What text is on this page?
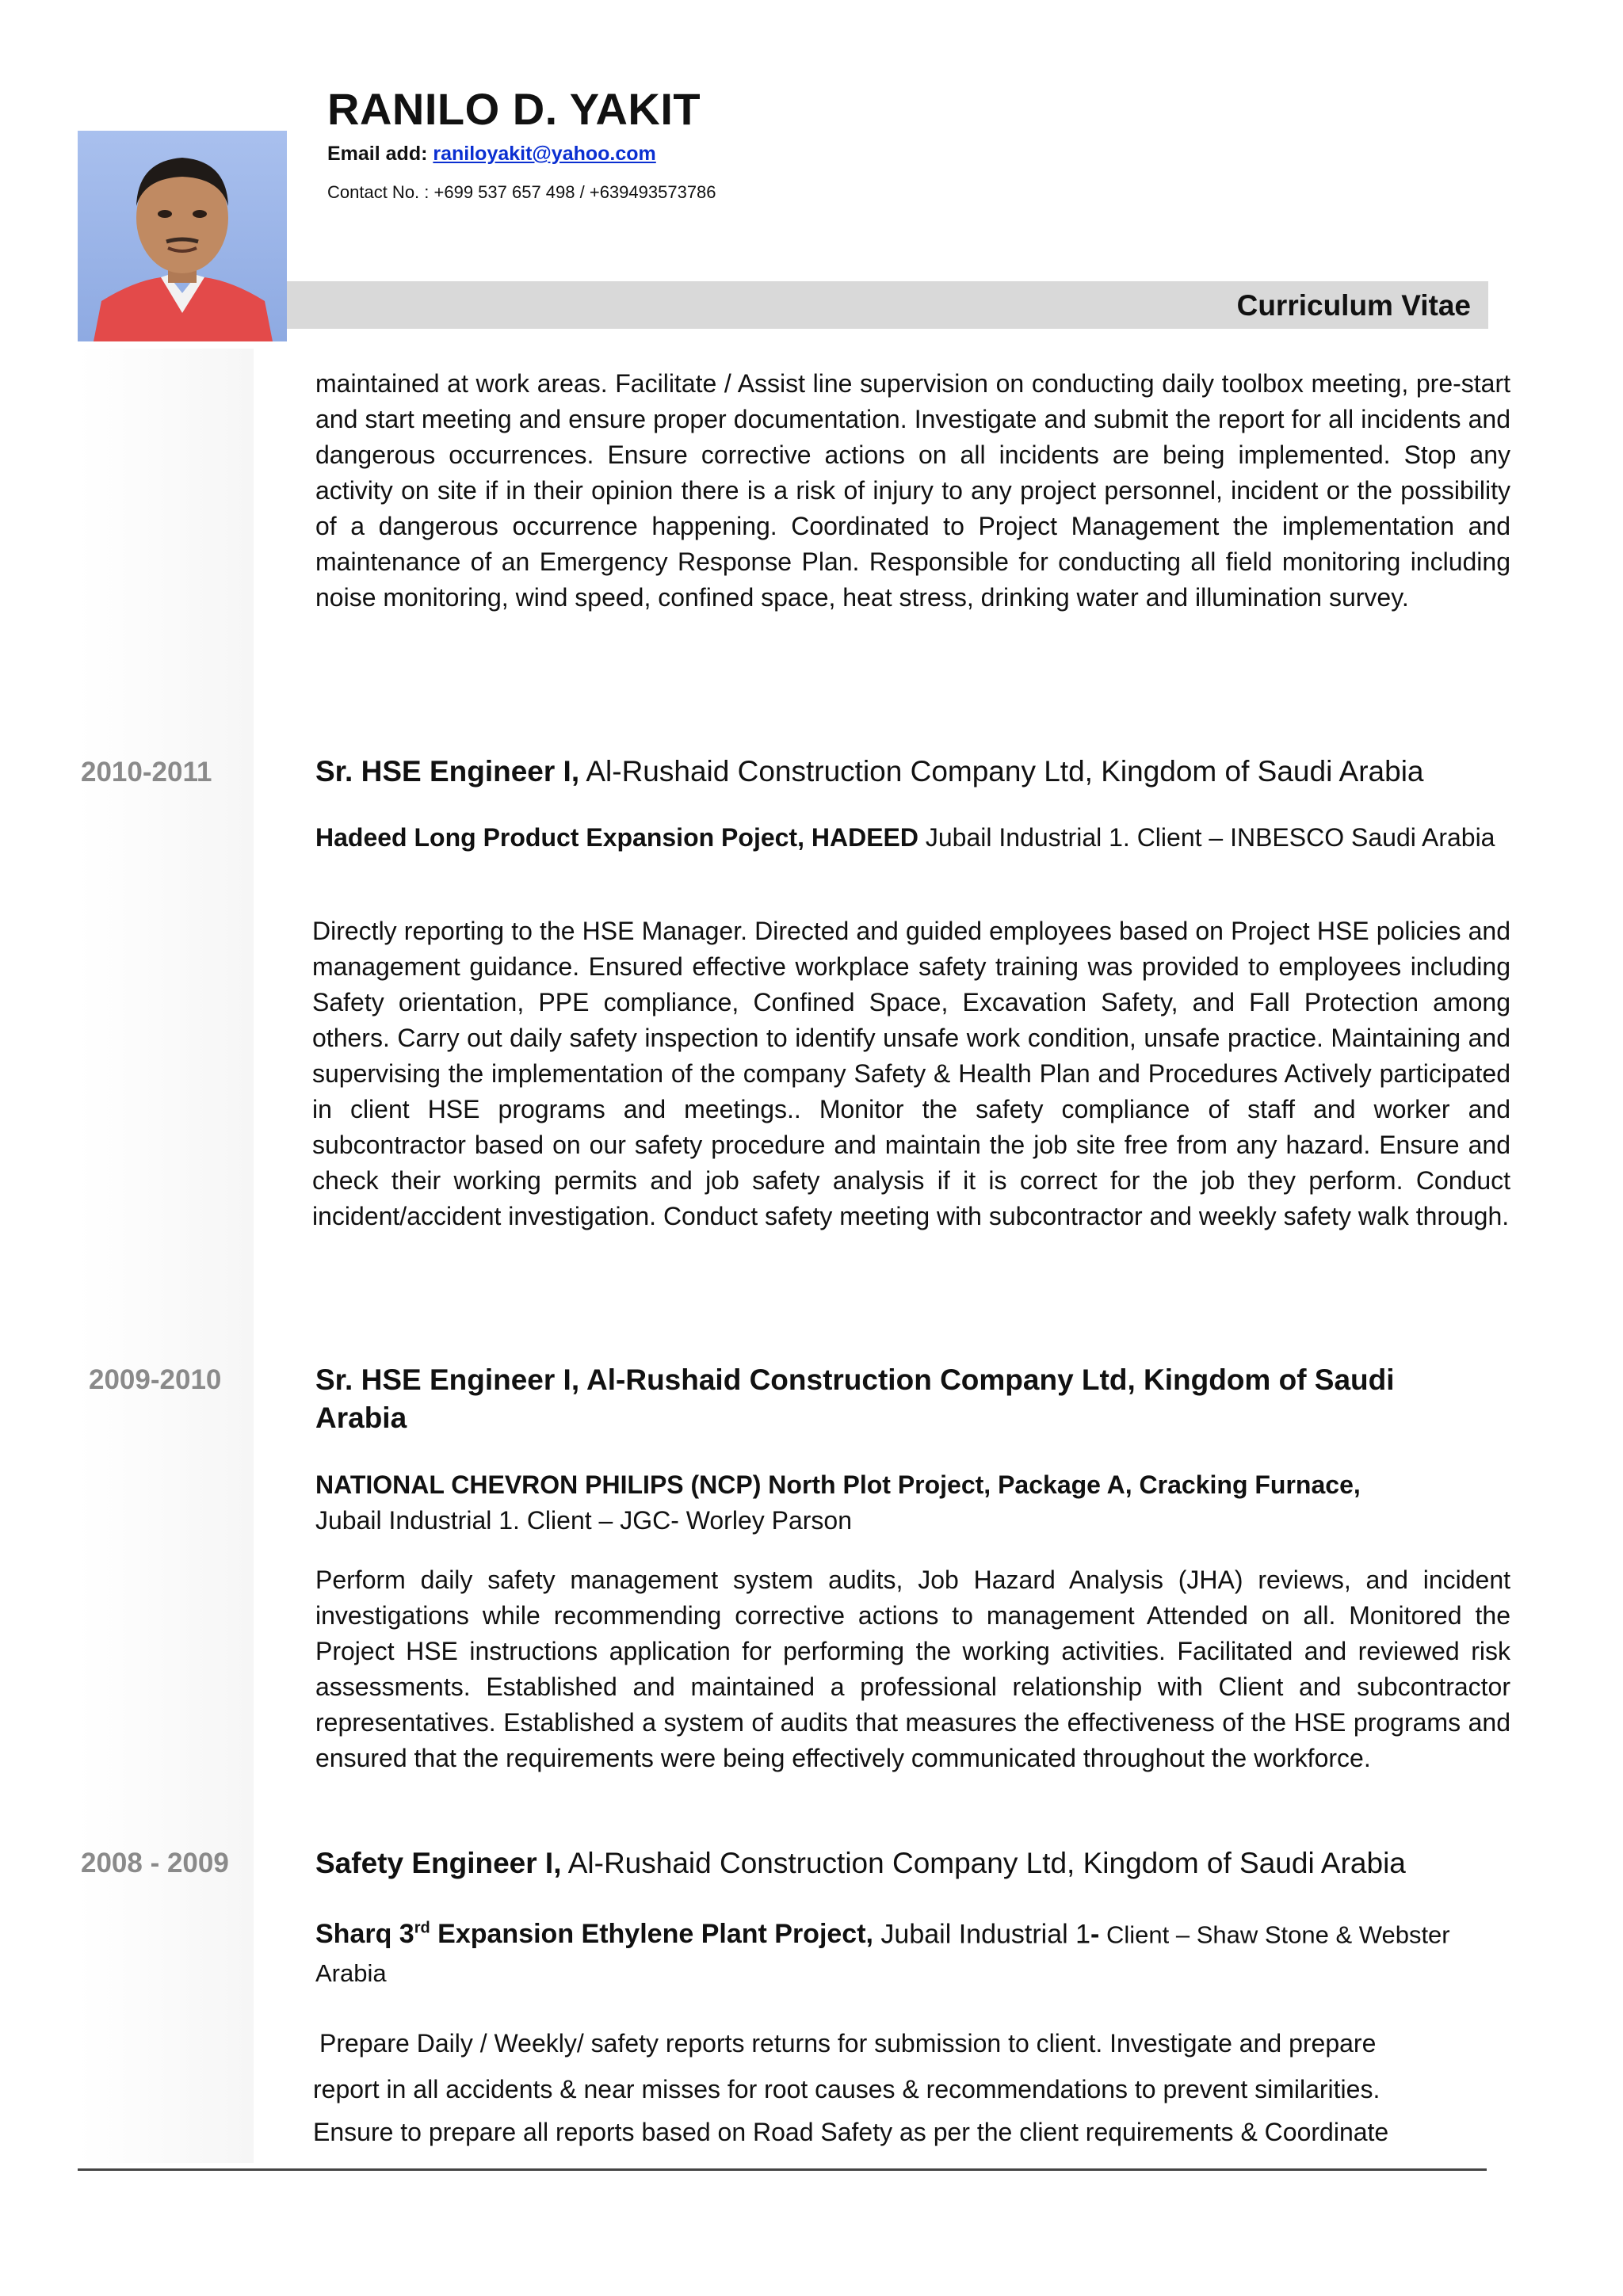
RANILO D. YAKIT
Email add: raniloyakit@yahoo.com
Contact No. : +699 537 657 498 / +639493573786
Curriculum Vitae
maintained at work areas. Facilitate / Assist line supervision on conducting daily toolbox meeting, pre-start and start meeting and ensure proper documentation. Investigate and submit the report for all incidents and dangerous occurrences. Ensure corrective actions on all incidents are being implemented. Stop any activity on site if in their opinion there is a risk of injury to any project personnel, incident or the possibility of a dangerous occurrence happening. Coordinated to Project Management the implementation and maintenance of an Emergency Response Plan. Responsible for conducting all field monitoring including noise monitoring, wind speed, confined space, heat stress, drinking water and illumination survey.
2010-2011	Sr. HSE Engineer I, Al-Rushaid Construction Company Ltd, Kingdom of Saudi Arabia
Hadeed Long Product Expansion Poject, HADEED Jubail Industrial 1. Client – INBESCO Saudi Arabia
Directly reporting to the HSE Manager. Directed and guided employees based on Project HSE policies and management guidance. Ensured effective workplace safety training was provided to employees including Safety orientation, PPE compliance, Confined Space, Excavation Safety, and Fall Protection among others. Carry out daily safety inspection to identify unsafe work condition, unsafe practice. Maintaining and supervising the implementation of the company Safety & Health Plan and Procedures Actively participated in client HSE programs and meetings.. Monitor the safety compliance of staff and worker and subcontractor based on our safety procedure and maintain the job site free from any hazard. Ensure and check their working permits and job safety analysis if it is correct for the job they perform. Conduct incident/accident investigation. Conduct safety meeting with subcontractor and weekly safety walk through.
2009-2010	Sr. HSE Engineer I, Al-Rushaid Construction Company Ltd, Kingdom of Saudi Arabia
NATIONAL CHEVRON PHILIPS (NCP) North Plot Project, Package A, Cracking Furnace,
Jubail Industrial 1. Client – JGC- Worley Parson
Perform daily safety management system audits, Job Hazard Analysis (JHA) reviews, and incident investigations while recommending corrective actions to management Attended on all. Monitored the Project HSE instructions application for performing the working activities. Facilitated and reviewed risk assessments. Established and maintained a professional relationship with Client and subcontractor representatives. Established a system of audits that measures the effectiveness of the HSE programs and ensured that the requirements were being effectively communicated throughout the workforce.
2008 - 2009	Safety Engineer I, Al-Rushaid Construction Company Ltd, Kingdom of Saudi Arabia
Sharq 3rd Expansion Ethylene Plant Project, Jubail Industrial 1- Client – Shaw Stone & Webster Arabia
Prepare Daily / Weekly/ safety reports returns for submission to client. Investigate and prepare
report in all accidents & near misses for root causes & recommendations to prevent similarities.
Ensure to prepare all reports based on Road Safety as per the client requirements & Coordinate
